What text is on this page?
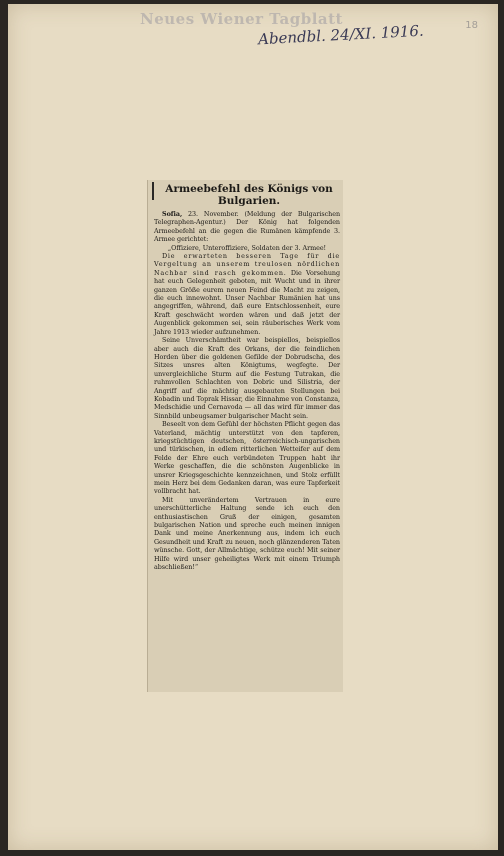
Neues Wiener Tagblatt
Abendbl. 24/XI. 1916.	18
Armeebefehl des Königs von Bulgarien.

Sofia, 23. November. (Meldung der Bulgarischen Telegraphen-Agentur.) Der König hat folgenden Armeebefehl an die gegen die Rumänen kämpfende 3. Armee gerichtet:

„Offiziere, Unteroffiziere, Soldaten der 3. Armee!

Die erwarteten besseren Tage für die Vergeltung an unserem treulosen nördlichen Nachbar sind rasch gekommen. Die Vorsehung hat euch Gelegenheit geboten, mit Wucht und in ihrer ganzen Größe eurem neuen Feind die Macht zu zeigen, die euch innewohnt. Unser Nachbar Rumänien hat uns angegriffen, während, daß eure Entschlossenheit, eure Kraft geschwächt worden wären und daß jetzt der Augenblick gekommen sei, sein räuberisches Werk vom Jahre 1913 wieder aufzunehmen.

Seine Unverschämtheit war beispiellos, beispiellos aber auch die Kraft des Orkans, der die feindlichen Horden über die goldenen Gefilde der Dobrudscha, des Sitzes unsres alten Königtums, wegfegte. Der unvergleichliche Sturm auf die Festung Tutrakan, die ruhmvollen Schlachten von Dobric und Silistria, der Angriff auf die mächtig ausgebauten Stellungen bei Kobadin und Toprak Hissar, die Einnahme von Constanza, Medschidie und Cernavoda — all das wird für immer das Sinnbild unbeugsamer bulgarischer Macht sein.

Beseelt von dem Gefühl der höchsten Pflicht gegen das Vaterland, mächtig unterstützt von den tapferen, kriegstüchtigen deutschen, österreichisch-ungarischen und türkischen, in edlem ritterlichen Wetteifer auf dem Felde der Ehre euch verbündeten Truppen habt ihr Werke geschaffen, die die schönsten Augenblicke in unsrer Kriegsgeschichte kennzeichnen, und Stolz erfüllt mein Herz bei dem Gedanken daran, was eure Tapferkeit vollbracht hat.

Mit unverändertem Vertrauen in eure unerschütterliche Haltung sende ich euch den enthusiastischen Gruß der einigen, gesamten bulgarischen Nation und spreche euch meinen innigen Dank und meine Anerkennung aus, indem ich euch Gesundheit und Kraft zu neuen, noch glänzenderen Taten wünsche. Gott, der Allmächtige, schütze euch! Mit seiner Hilfe wird unser geheiligtes Werk mit einem Triumph abschließen!“
